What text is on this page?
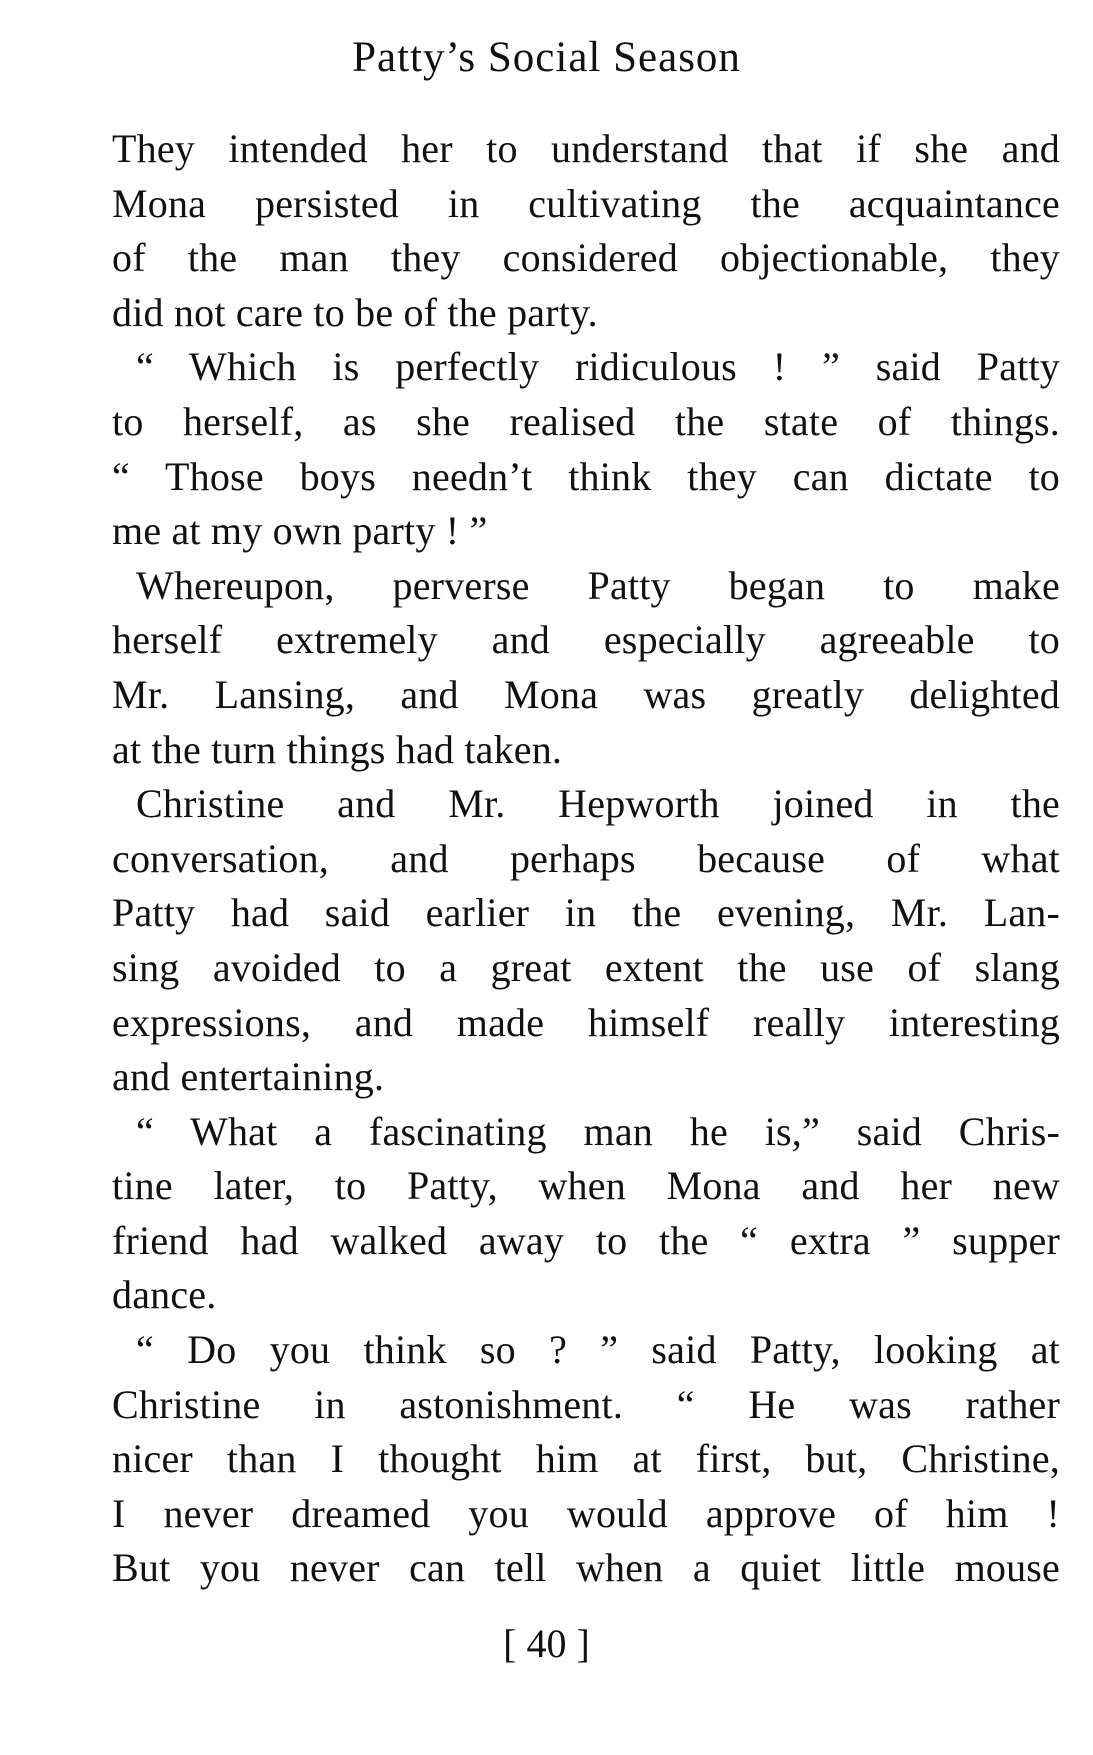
Patty’s Social Season
They intended her to understand that if she and
Mona persisted in cultivating the acquaintance
of the man they considered objectionable, they
did not care to be of the party.
“ Which is perfectly ridiculous ! ” said Patty
to herself, as she realised the state of things.
“ Those boys needn’t think they can dictate to
me at my own party ! ”
Whereupon, perverse Patty began to make
herself extremely and especially agreeable to
Mr. Lansing, and Mona was greatly delighted
at the turn things had taken.
Christine and Mr. Hepworth joined in the
conversation, and perhaps because of what
Patty had said earlier in the evening, Mr. Lan-
sing avoided to a great extent the use of slang
expressions, and made himself really interesting
and entertaining.
“ What a fascinating man he is,” said Chris-
tine later, to Patty, when Mona and her new
friend had walked away to the “ extra ” supper
dance.
“ Do you think so ? ” said Patty, looking at
Christine in astonishment. “ He was rather
nicer than I thought him at first, but, Christine,
I never dreamed you would approve of him !
But you never can tell when a quiet little mouse
[ 40 ]
